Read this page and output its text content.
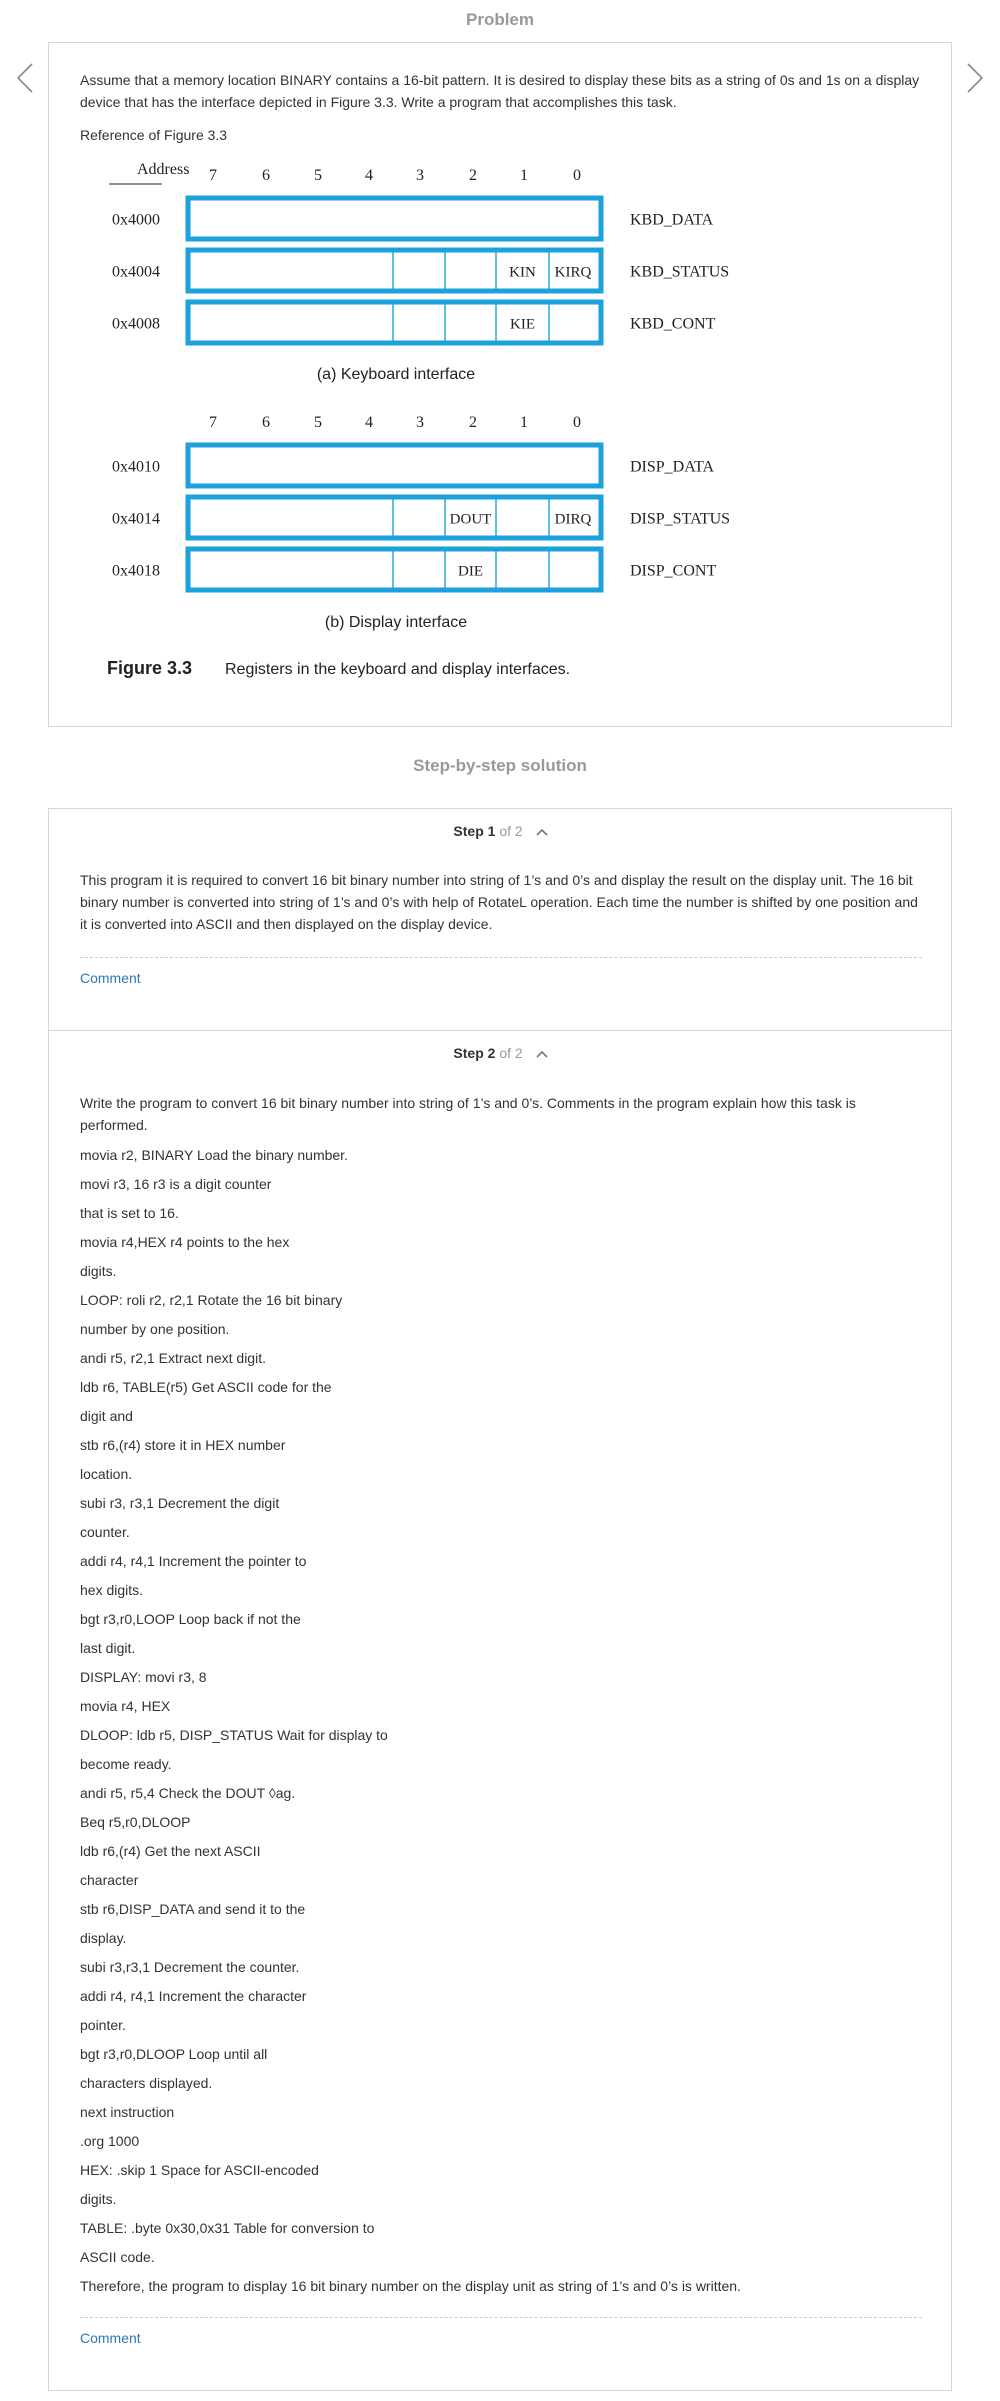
Problem
Assume that a memory location BINARY contains a 16-bit pattern. It is desired to display these bits as a string of 0s and 1s on a display device that has the interface depicted in Figure 3.3. Write a program that accomplishes this task.
Reference of Figure 3.3
Address 7	6	5	4	3	2	1	0
0x4000	KBD_DATA
0x4004	KIN KIRQ KBD_STATUS
0x4008	KIE	KBD_CONT
(a) Keyboard interface
7	6	5	4	3	2	1	0
0x4010	DISP_DATA
0x4014	DOUT	DIRQ DISP_STATUS
0x4018	DIE	DISP_CONT
(b) Display interface
Figure 3.3 Registers in the keyboard and display interfaces.
Step-by-step solution
Step 1 of 2
This program it is required to convert 16 bit binary number into string of 1’s and 0’s and display the result on the display unit. The 16 bit binary number is converted into string of 1’s and 0’s with help of RotateL operation. Each time the number is shifted by one position and it is converted into ASCII and then displayed on the display device.
Comment
Step 2 of 2
Write the program to convert 16 bit binary number into string of 1’s and 0’s. Comments in the program explain how this task is performed.
movia r2, BINARY Load the binary number.
movi r3, 16 r3 is a digit counter
that is set to 16.
movia r4,HEX r4 points to the hex
digits.
LOOP: roli r2, r2,1 Rotate the 16 bit binary
number by one position.
andi r5, r2,1 Extract next digit.
ldb r6, TABLE(r5) Get ASCII code for the
digit and
stb r6,(r4) store it in HEX number
location.
subi r3, r3,1 Decrement the digit
counter.
addi r4, r4,1 Increment the pointer to
hex digits.
bgt r3,r0,LOOP Loop back if not the
last digit.
DISPLAY: movi r3, 8
movia r4, HEX
DLOOP: ldb r5, DISP_STATUS Wait for display to
become ready.
andi r5, r5,4 Check the DOUT ◊ag.
Beq r5,r0,DLOOP
ldb r6,(r4) Get the next ASCII
character
stb r6,DISP_DATA and send it to the
display.
subi r3,r3,1 Decrement the counter.
addi r4, r4,1 Increment the character
pointer.
bgt r3,r0,DLOOP Loop until all
characters displayed.
next instruction
.org 1000
HEX: .skip 1 Space for ASCII-encoded
digits.
TABLE: .byte 0x30,0x31 Table for conversion to
ASCII code.
Therefore, the program to display 16 bit binary number on the display unit as string of 1’s and 0’s is written.
Comment
